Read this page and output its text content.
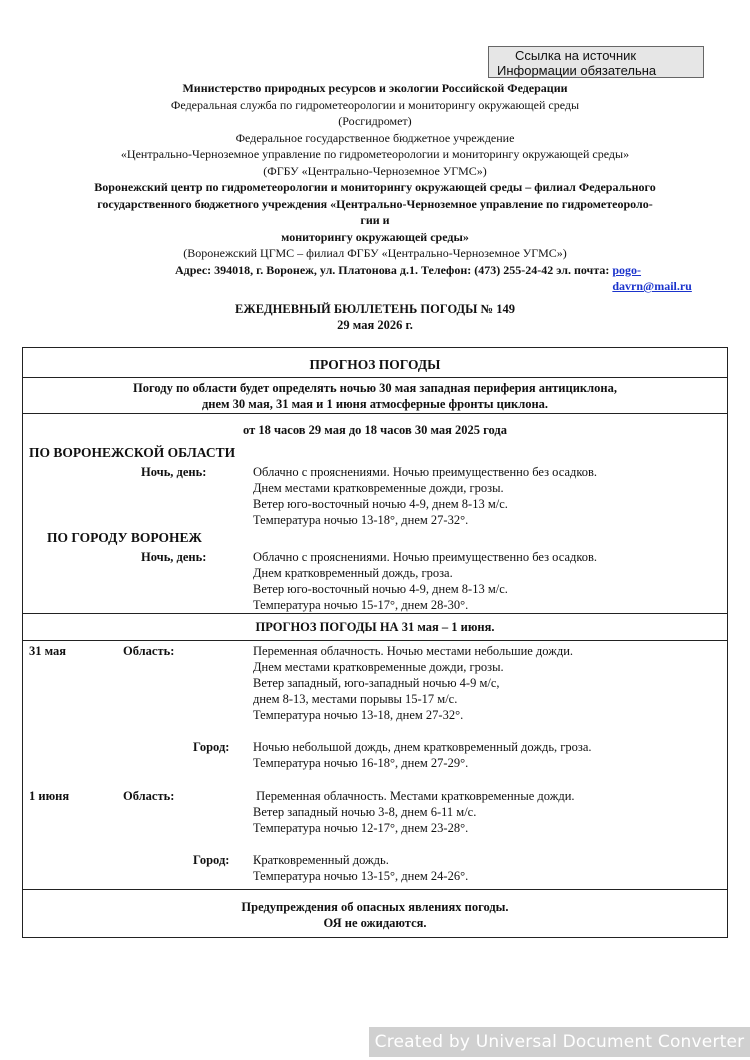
Ссылка на источник
Информации обязательна
Министерство природных ресурсов и экологии Российской Федерации
Федеральная служба по гидрометеорологии и мониторингу окружающей среды
(Росгидромет)
Федеральное государственное бюджетное учреждение
«Центрально-Черноземное управление по гидрометеорологии и мониторингу окружающей среды»
(ФГБУ «Центрально-Черноземное УГМС»)
Воронежский центр по гидрометеорологии и мониторингу окружающей среды – филиал Федерального
государственного бюджетного учреждения «Центрально-Черноземное управление по гидрометеороло-
гии и
мониторингу окружающей среды»
(Воронежский ЦГМС – филиал ФГБУ «Центрально-Черноземное УГМС»)
Адрес: 394018, г. Воронеж, ул. Платонова д.1. Телефон: (473) 255-24-42 эл. почта: pogo-
davrn@mail.ru
ЕЖЕДНЕВНЫЙ БЮЛЛЕТЕНЬ ПОГОДЫ № 149
29 мая 2026 г.
ПРОГНОЗ ПОГОДЫ
Погоду по области будет определять ночью 30 мая западная периферия антициклона,
днем 30 мая, 31 мая и 1 июня атмосферные фронты циклона.
от 18 часов 29 мая до 18 часов 30 мая 2025 года
ПО ВОРОНЕЖСКОЙ ОБЛАСТИ
Ночь, день:	Облачно с прояснениями. Ночью преимущественно без осадков.
Днем местами кратковременные дожди, грозы.
Ветер юго-восточный ночью 4-9, днем 8-13 м/с.
Температура ночью 13-18°, днем 27-32°.
ПО ГОРОДУ ВОРОНЕЖ
Ночь, день:	Облачно с прояснениями. Ночью преимущественно без осадков.
Днем кратковременный дождь, гроза.
Ветер юго-восточный ночью 4-9, днем 8-13 м/с.
Температура ночью 15-17°, днем 28-30°.
ПРОГНОЗ ПОГОДЫ НА 31 мая – 1 июня.
31 мая	Область:	Переменная облачность. Ночью местами небольшие дожди.
Днем местами кратковременные дожди, грозы.
Ветер западный, юго-западный ночью 4-9 м/с,
днем 8-13, местами порывы 15-17 м/с.
Температура ночью 13-18, днем 27-32°.
Город: Ночью небольшой дождь, днем кратковременный дождь, гроза.
Температура ночью 16-18°, днем 27-29°.
1 июня	Область:	Переменная облачность. Местами кратковременные дожди.
Ветер западный ночью 3-8, днем 6-11 м/с.
Температура ночью 12-17°, днем 23-28°.
Город: Кратковременный дождь.
Температура ночью 13-15°, днем 24-26°.
Предупреждения об опасных явлениях погоды.
ОЯ не ожидаются.
Created by Universal Document Converter
